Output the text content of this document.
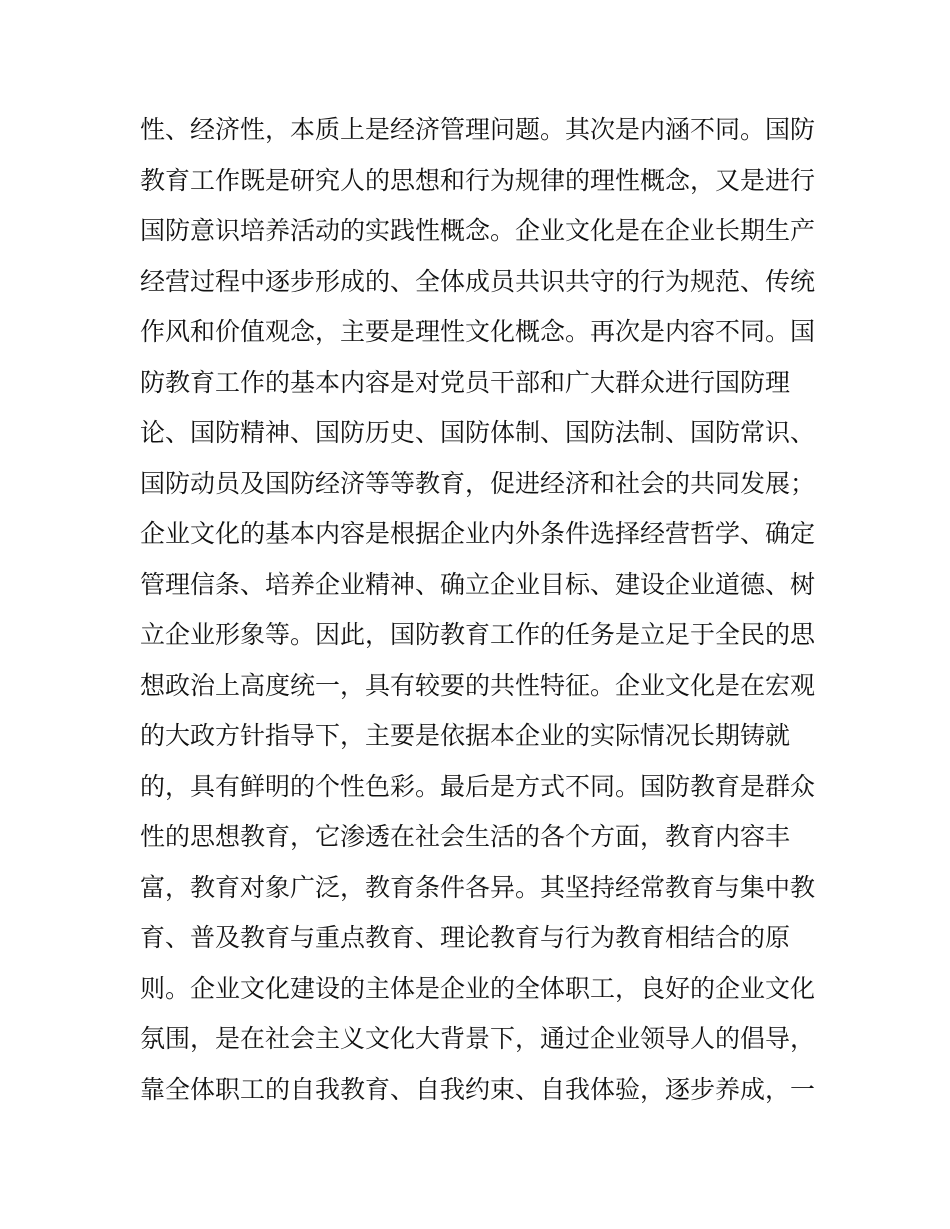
性、经济性，本质上是经济管理问题。其次是内涵不同。国防
教育工作既是研究人的思想和行为规律的理性概念，又是进行
国防意识培养活动的实践性概念。企业文化是在企业长期生产
经营过程中逐步形成的、全体成员共识共守的行为规范、传统
作风和价值观念，主要是理性文化概念。再次是内容不同。国
防教育工作的基本内容是对党员干部和广大群众进行国防理
论、国防精神、国防历史、国防体制、国防法制、国防常识、
国防动员及国防经济等等教育，促进经济和社会的共同发展；
企业文化的基本内容是根据企业内外条件选择经营哲学、确定
管理信条、培养企业精神、确立企业目标、建设企业道德、树
立企业形象等。因此，国防教育工作的任务是立足于全民的思
想政治上高度统一，具有较要的共性特征。企业文化是在宏观
的大政方针指导下，主要是依据本企业的实际情况长期铸就
的，具有鲜明的个性色彩。最后是方式不同。国防教育是群众
性的思想教育，它渗透在社会生活的各个方面，教育内容丰
富，教育对象广泛，教育条件各异。其坚持经常教育与集中教
育、普及教育与重点教育、理论教育与行为教育相结合的原
则。企业文化建设的主体是企业的全体职工，良好的企业文化
氛围，是在社会主义文化大背景下，通过企业领导人的倡导，
靠全体职工的自我教育、自我约束、自我体验，逐步养成，一
